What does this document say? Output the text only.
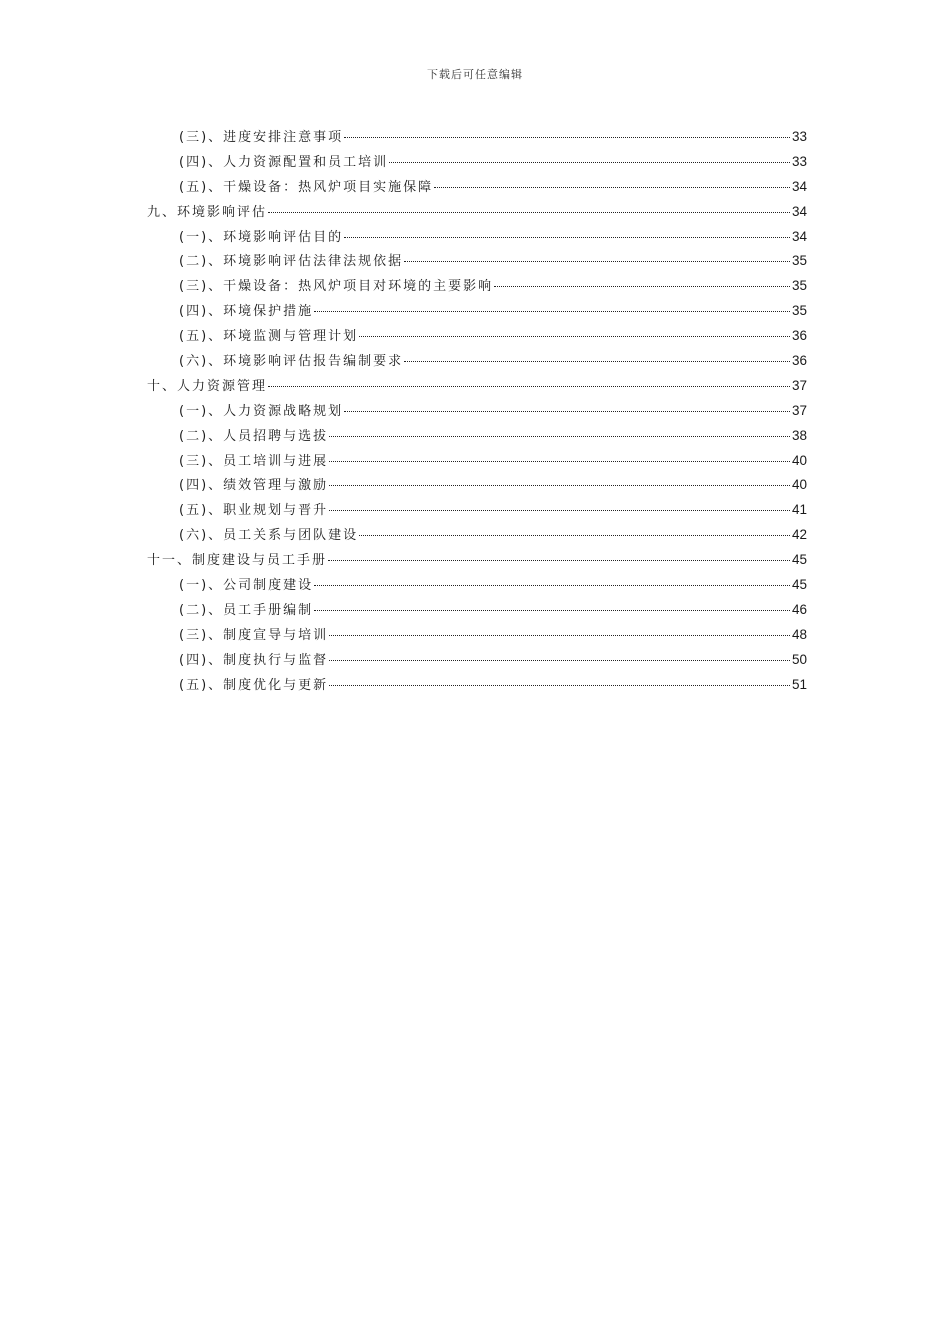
下载后可任意编辑
(三)、进度安排注意事项	33
(四)、人力资源配置和员工培训	33
(五)、干燥设备：热风炉项目实施保障	34
九、环境影响评估	34
(一)、环境影响评估目的	34
(二)、环境影响评估法律法规依据	35
(三)、干燥设备：热风炉项目对环境的主要影响	35
(四)、环境保护措施	35
(五)、环境监测与管理计划	36
(六)、环境影响评估报告编制要求	36
十、人力资源管理	37
(一)、人力资源战略规划	37
(二)、人员招聘与选拔	38
(三)、员工培训与进展	40
(四)、绩效管理与激励	40
(五)、职业规划与晋升	41
(六)、员工关系与团队建设	42
十一、制度建设与员工手册	45
(一)、公司制度建设	45
(二)、员工手册编制	46
(三)、制度宣导与培训	48
(四)、制度执行与监督	50
(五)、制度优化与更新	51
